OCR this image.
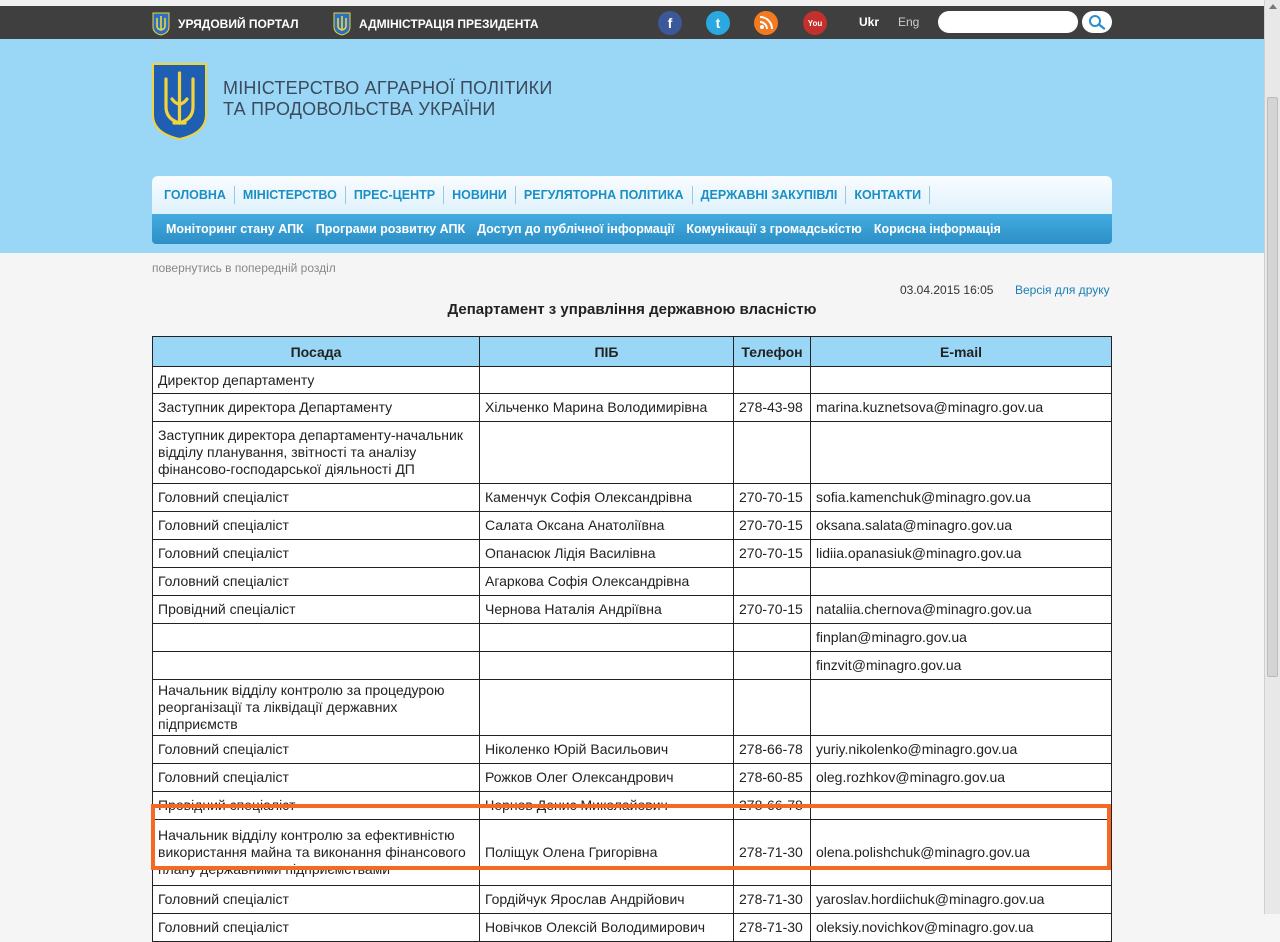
УРЯДОВИЙ ПОРТАЛ	АДМІНІСТРАЦІЯ ПРЕЗИДЕНТА	f	t	You	Ukr Eng
МІНІСТЕРСТВО АГРАРНОЇ ПОЛІТИКИ
ТА ПРОДОВОЛЬСТВА УКРАЇНИ
ГОЛОВНА	МІНІСТЕРСТВО	ПРЕС-ЦЕНТР	НОВИНИ	РЕГУЛЯТОРНА ПОЛІТИКА	ДЕРЖАВНІ ЗАКУПІВЛІ	КОНТАКТИ
Моніторинг стану АПК Програми розвитку АПК Доступ до публічної інформації Комунікації з громадськістю Корисна інформація
повернутись в попередній розділ
03.04.2015 16:05 Версія для друку
Департамент з управління державною власністю
Посада	ПІБ	Телефон	E-mail
Директор департаменту			
Заступник директора Департаменту	Хільченко Марина Володимирівна	278-43-98	marina.kuznetsova@minagro.gov.ua
Заступник директора департаменту-начальник відділу планування, звітності та аналізу фінансово-господарської діяльності ДП			
Головний спеціаліст	Каменчук Софія Олександрівна	270-70-15	sofia.kamenchuk@minagro.gov.ua
Головний спеціаліст	Салата Оксана Анатоліївна	270-70-15	oksana.salata@minagro.gov.ua
Головний спеціаліст	Опанасюк Лідія Василівна	270-70-15	lidiia.opanasiuk@minagro.gov.ua
Головний спеціаліст	Агаркова Софія Олександрівна		
Провідний спеціаліст	Чернова Наталія Андріївна	270-70-15	nataliia.chernova@minagro.gov.ua
			finplan@minagro.gov.ua
			finzvit@minagro.gov.ua
Начальник відділу контролю за процедурою реорганізації та ліквідації державних підприємств			
Головний спеціаліст	Ніколенко Юрій Васильович	278-66-78	yuriy.nikolenko@minagro.gov.ua
Головний спеціаліст	Рожков Олег Олександрович	278-60-85	oleg.rozhkov@minagro.gov.ua
Провідний спеціаліст	Чернов Денис Миколайович	278-66-78	
Начальник відділу контролю за ефективністю використання майна та виконання фінансового плану державними підприємствами	Поліщук Олена Григорівна	278-71-30	olena.polishchuk@minagro.gov.ua
Головний спеціаліст	Гордійчук Ярослав Андрійович	278-71-30	yaroslav.hordiichuk@minagro.gov.ua
Головний спеціаліст	Новічков Олексій Володимирович	278-71-30	oleksiy.novichkov@minagro.gov.ua
